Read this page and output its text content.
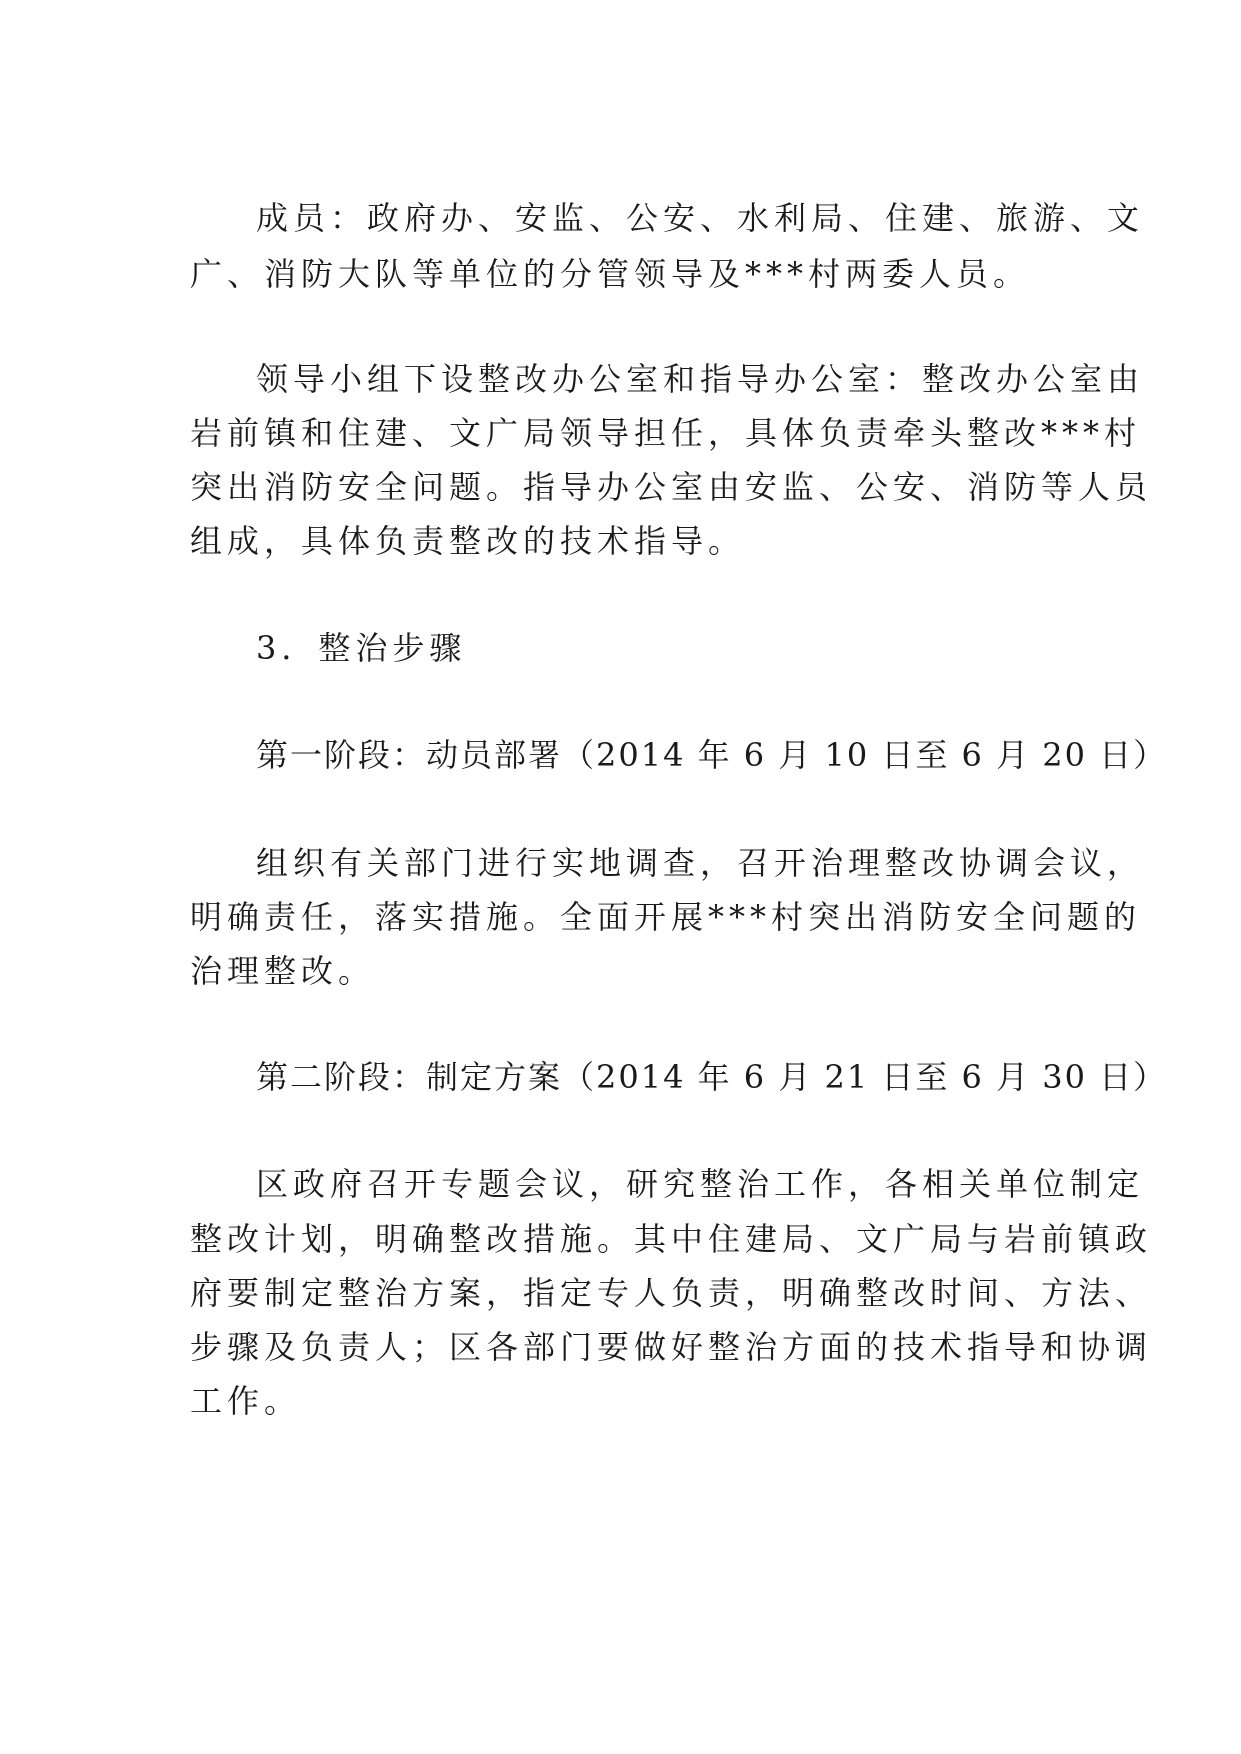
成员：政府办、安监、公安、水利局、住建、旅游、文
广、消防大队等单位的分管领导及***村两委人员。
领导小组下设整改办公室和指导办公室：整改办公室由
岩前镇和住建、文广局领导担任，具体负责牵头整改***村
突出消防安全问题。指导办公室由安监、公安、消防等人员
组成，具体负责整改的技术指导。
3．整治步骤
第一阶段：动员部署（2014 年 6 月 10 日至 6 月 20 日）
组织有关部门进行实地调查，召开治理整改协调会议，
明确责任，落实措施。全面开展***村突出消防安全问题的
治理整改。
第二阶段：制定方案（2014 年 6 月 21 日至 6 月 30 日）
区政府召开专题会议，研究整治工作，各相关单位制定
整改计划，明确整改措施。其中住建局、文广局与岩前镇政
府要制定整治方案，指定专人负责，明确整改时间、方法、
步骤及负责人；区各部门要做好整治方面的技术指导和协调
工作。
